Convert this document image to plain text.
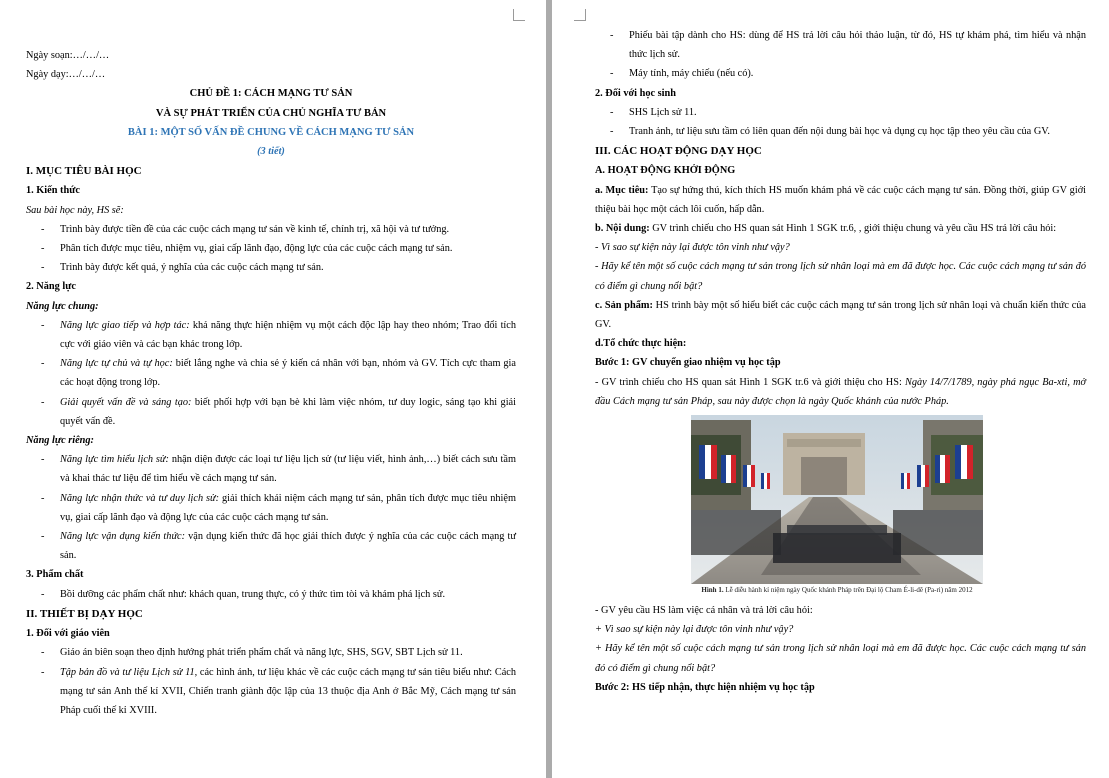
Ngày soạn:…/…/…

Ngày dạy:…/…/…

CHỦ ĐỀ 1: CÁCH MẠNG TƯ SẢN

VÀ SỰ PHÁT TRIỂN CỦA CHỦ NGHĨA TƯ BẢN

BÀI 1: MỘT SỐ VẤN ĐỀ CHUNG VỀ CÁCH MẠNG TƯ SẢN

(3 tiết)

I. MỤC TIÊU BÀI HỌC

1. Kiến thức

Sau bài học này, HS sẽ:

- Trình bày được tiền đề của các cuộc cách mạng tư sản về kinh tế, chính trị, xã hội và tư tưởng.
- Phân tích được mục tiêu, nhiệm vụ, giai cấp lãnh đạo, động lực của các cuộc cách mạng tư sản.
- Trình bày được kết quả, ý nghĩa của các cuộc cách mạng tư sản.

2. Năng lực

Năng lực chung:

- Năng lực giao tiếp và hợp tác: khả năng thực hiện nhiệm vụ một cách độc lập hay theo nhóm; Trao đổi tích cực với giáo viên và các bạn khác trong lớp.
- Năng lực tự chủ và tự học: biết lắng nghe và chia sẻ ý kiến cá nhân với bạn, nhóm và GV. Tích cực tham gia các hoạt động trong lớp.
- Giải quyết vấn đề và sáng tạo: biết phối hợp với bạn bè khi làm việc nhóm, tư duy logic, sáng tạo khi giải quyết vấn đề.

Năng lực riêng:

- Năng lực tìm hiểu lịch sử: nhận diện được các loại tư liệu lịch sử (tư liệu viết, hình ảnh,…) biết cách sưu tầm và khai thác tư liệu để tìm hiểu về cách mạng tư sản.
- Năng lực nhận thức và tư duy lịch sử: giải thích khái niệm cách mạng tư sản, phân tích được mục tiêu nhiệm vụ, giai cấp lãnh đạo và động lực của các cuộc cách mạng tư sản.
- Năng lực vận dụng kiến thức: vận dụng kiến thức đã học giải thích được ý nghĩa của các cuộc cách mạng tư sản.

3. Phẩm chất

- Bồi dưỡng các phẩm chất như: khách quan, trung thực, có ý thức tìm tòi và khám phá lịch sử.

II. THIẾT BỊ DẠY HỌC

1. Đối với giáo viên

- Giáo án biên soạn theo định hướng phát triển phẩm chất và năng lực, SHS, SGV, SBT Lịch sử 11.
- Tập bản đồ và tư liệu Lịch sử 11, các hình ảnh, tư liệu khác về các cuộc cách mạng tư sản tiêu biểu như: Cách mạng tư sản Anh thế kỉ XVII, Chiến tranh giành độc lập của 13 thuộc địa Anh ở Bắc Mỹ, Cách mạng tư sản Pháp cuối thế kỉ XVIII.
- Phiếu bài tập dành cho HS: dùng để HS trả lời câu hỏi thảo luận, từ đó, HS tự khám phá, tìm hiểu và nhận thức lịch sử.
- Máy tính, máy chiếu (nếu có).

2. Đối với học sinh

- SHS Lịch sử 11.
- Tranh ảnh, tư liệu sưu tầm có liên quan đến nội dung bài học và dụng cụ học tập theo yêu cầu của GV.

III. CÁC HOẠT ĐỘNG DẠY HỌC

A. HOẠT ĐỘNG KHỞI ĐỘNG

a. Mục tiêu: Tạo sự hứng thú, kích thích HS muốn khám phá về các cuộc cách mạng tư sản. Đồng thời, giúp GV giới thiệu bài học một cách lôi cuốn, hấp dẫn.

b. Nội dung: GV trình chiếu cho HS quan sát Hình 1 SGK tr.6, , giới thiệu chung và yêu cầu HS trả lời câu hỏi:

- Vì sao sự kiện này lại được tôn vinh như vậy?

- Hãy kể tên một số cuộc cách mạng tư sản trong lịch sử nhân loại mà em đã được học. Các cuộc cách mạng tư sản đó có điểm gì chung nổi bật?

c. Sản phẩm: HS trình bày một số hiểu biết các cuộc cách mạng tư sản trong lịch sử nhân loại và chuẩn kiến thức của GV.

d.Tổ chức thực hiện:

Bước 1: GV chuyển giao nhiệm vụ học tập

- GV trình chiếu cho HS quan sát Hình 1 SGK tr.6 và giới thiệu cho HS: Ngày 14/7/1789, ngày phá ngục Ba-xti, mở đầu Cách mạng tư sản Pháp, sau này được chọn là ngày Quốc khánh của nước Pháp.

Hình 1. Lễ diễu hành kỉ niệm ngày Quốc khánh Pháp trên Đại lộ Cham É-li-dê (Pa-ri) năm 2012

- GV yêu cầu HS làm việc cá nhân và trả lời câu hỏi:

+ Vì sao sự kiện này lại được tôn vinh như vậy?

+ Hãy kể tên một số cuộc cách mạng tư sản trong lịch sử nhân loại mà em đã được học. Các cuộc cách mạng tư sản đó có điểm gì chung nổi bật?

Bước 2: HS tiếp nhận, thực hiện nhiệm vụ học tập
